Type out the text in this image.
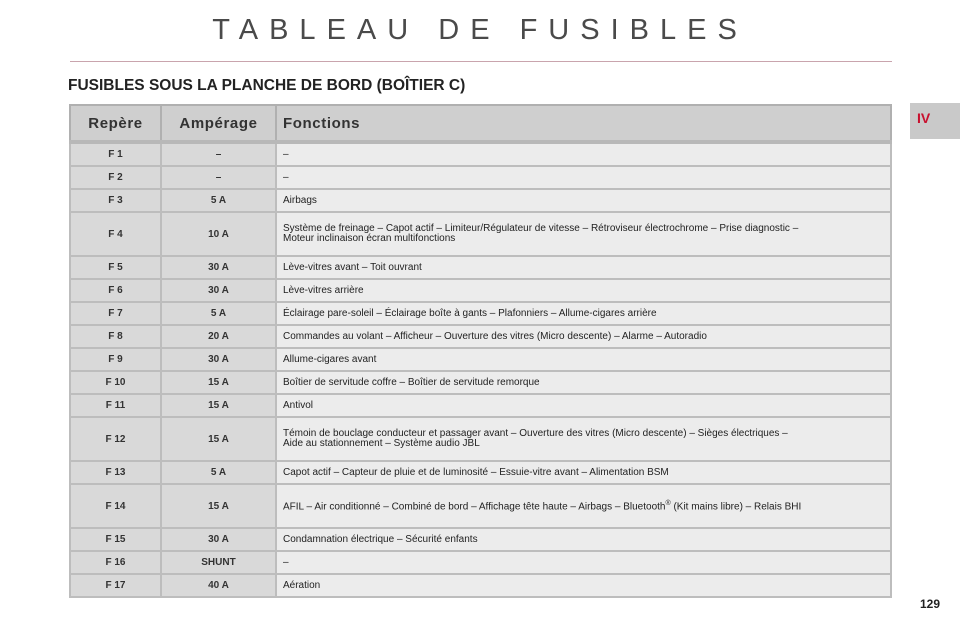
TABLEAU DE FUSIBLES
FUSIBLES SOUS LA PLANCHE DE BORD (BOÎTIER C)
IV
Repère	Ampérage	Fonctions
F 1	–	–
F 2	–	–
F 3	5 A	Airbags
F 4	10 A	Système de freinage – Capot actif – Limiteur/Régulateur de vitesse – Rétroviseur électrochrome – Prise diagnostic –
Moteur inclinaison écran multifonctions

F 5	30 A	Lève-vitres avant – Toit ouvrant
F 6	30 A	Lève-vitres arrière
F 7	5 A	Éclairage pare-soleil – Éclairage boîte à gants – Plafonniers – Allume-cigares arrière
F 8	20 A	Commandes au volant – Afficheur – Ouverture des vitres (Micro descente) – Alarme – Autoradio
F 9	30 A	Allume-cigares avant
F 10	15 A	Boîtier de servitude coffre – Boîtier de servitude remorque
F 11	15 A	Antivol
F 12	15 A	Témoin de bouclage conducteur et passager avant – Ouverture des vitres (Micro descente) – Sièges électriques –
Aide au stationnement – Système audio JBL

F 13	5 A	Capot actif – Capteur de pluie et de luminosité – Essuie-vitre avant – Alimentation BSM
F 14	15 A	AFIL – Air conditionné – Combiné de bord – Affichage tête haute – Airbags – Bluetooth® (Kit mains libre) – Relais BHI
F 15	30 A	Condamnation électrique – Sécurité enfants
F 16	SHUNT	–
F 17	40 A	Aération
129
